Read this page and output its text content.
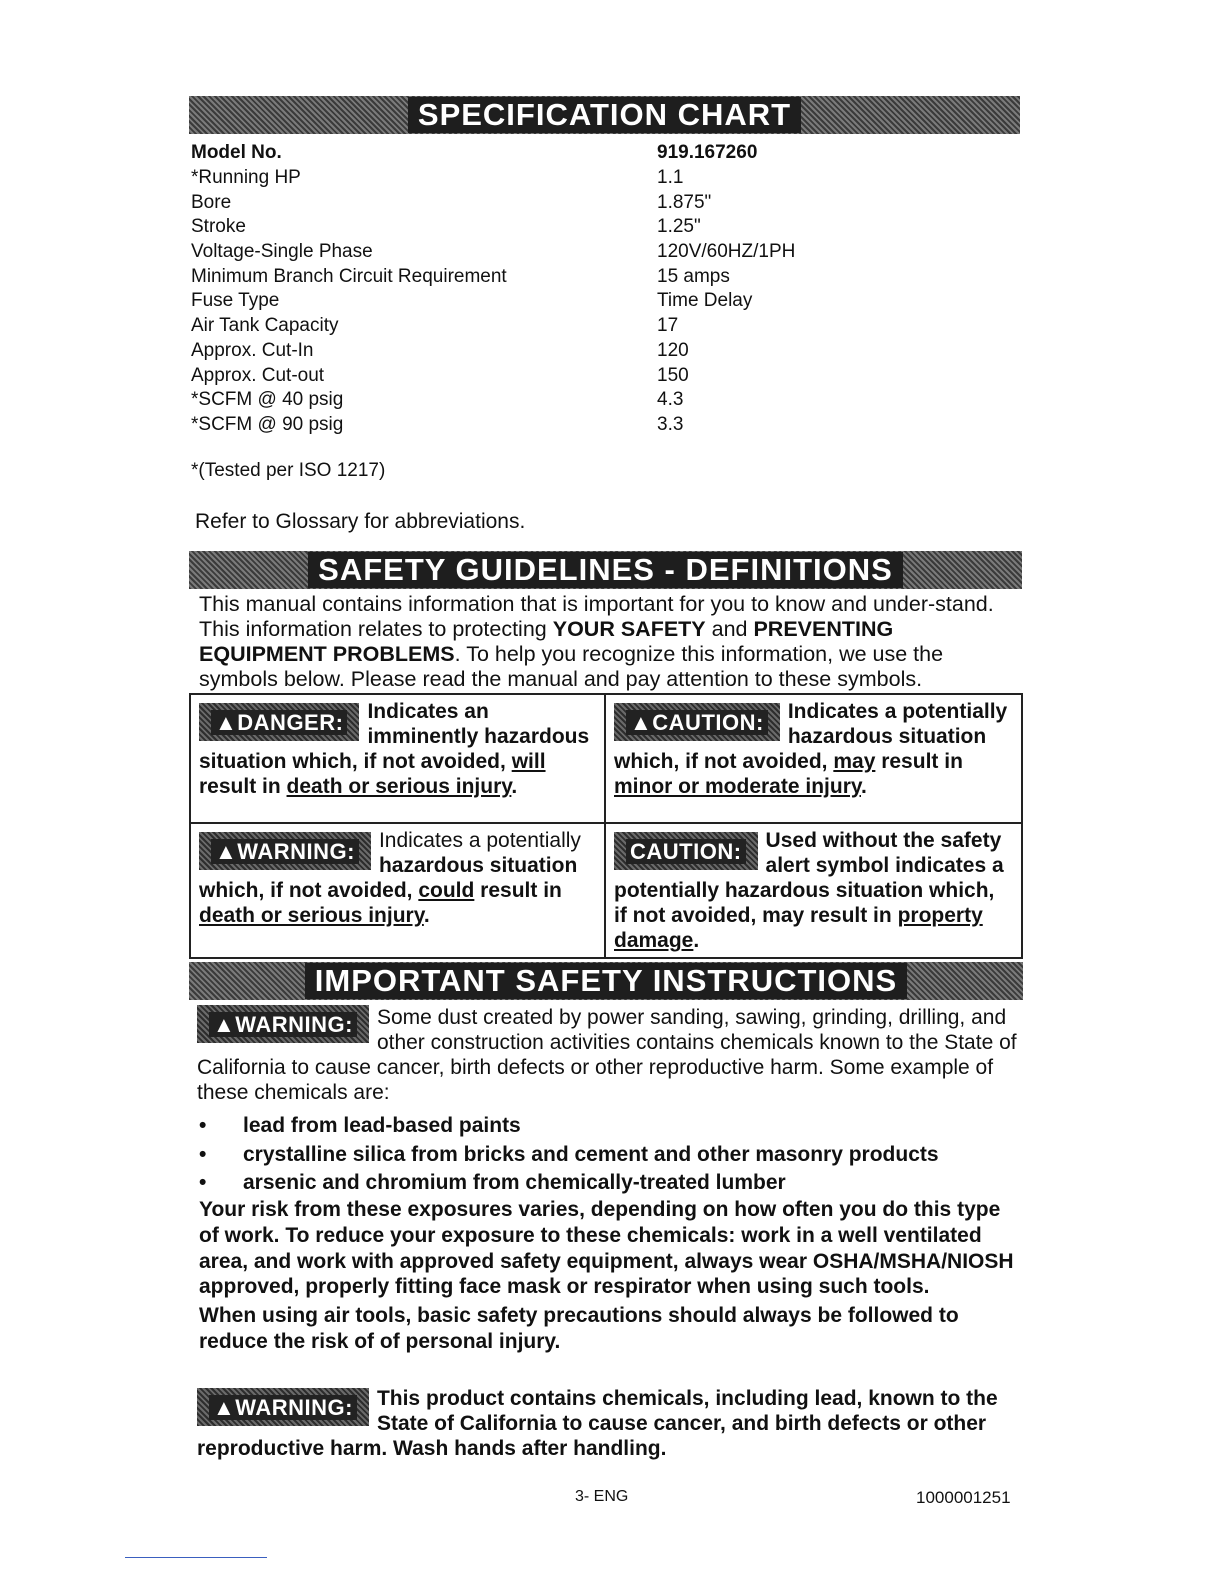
SPECIFICATION CHART
Model No.	919.167260
*Running HP	1.1
Bore	1.875"
Stroke	1.25"
Voltage-Single Phase	120V/60HZ/1PH
Minimum Branch Circuit Requirement	15 amps
Fuse Type	Time Delay
Air Tank Capacity	17
Approx. Cut-In	120
Approx. Cut-out	150
*SCFM @ 40 psig	4.3
*SCFM @ 90 psig	3.3
*(Tested per ISO 1217)
Refer to Glossary for abbreviations.
SAFETY GUIDELINES - DEFINITIONS
This manual contains information that is important for you to know and under-stand. This information relates to protecting YOUR SAFETY and PREVENTING EQUIPMENT PROBLEMS. To help you recognize this information, we use the symbols below. Please read the manual and pay attention to these symbols.
▲DANGER: Indicates an imminently hazardous situation which, if not avoided, will result in death or serious injury.
▲CAUTION: Indicates a potentially hazardous situation which, if not avoided, may result in minor or moderate injury.
▲WARNING: Indicates a potentially hazardous situation which, if not avoided, could result in death or serious injury.
CAUTION: Used without the safety alert symbol indicates a potentially hazardous situation which, if not avoided, may result in property damage.
IMPORTANT SAFETY INSTRUCTIONS
▲WARNING: Some dust created by power sanding, sawing, grinding, drilling, and other construction activities contains chemicals known to the State of California to cause cancer, birth defects or other reproductive harm. Some example of these chemicals are:
•	lead from lead-based paints
•	crystalline silica from bricks and cement and other masonry products
•	arsenic and chromium from chemically-treated lumber
Your risk from these exposures varies, depending on how often you do this type of work. To reduce your exposure to these chemicals: work in a well ventilated area, and work with approved safety equipment, always wear OSHA/MSHA/NIOSH approved, properly fitting face mask or respirator when using such tools.
When using air tools, basic safety precautions should always be followed to reduce the risk of of personal injury.
▲WARNING: This product contains chemicals, including lead, known to the State of California to cause cancer, and birth defects or other reproductive harm. Wash hands after handling.
3- ENG	1000001251
